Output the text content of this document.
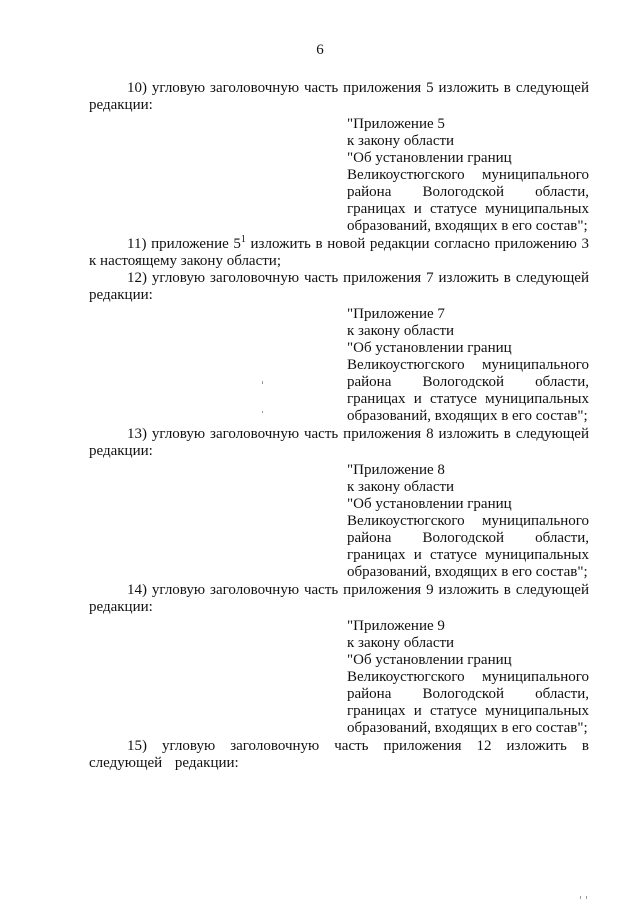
6

10) угловую заголовочную часть приложения 5 изложить в следующей редакции:

"Приложение 5
к закону области
"Об установлении границ
Великоустюгского муниципального
района Вологодской области,
границах и статусе муниципальных
образований, входящих в его состав";

11) приложение $5^1$ изложить в новой редакции согласно приложению 3 к настоящему закону области;

12) угловую заголовочную часть приложения 7 изложить в следующей редакции:

"Приложение 7
к закону области
"Об установлении границ
Великоустюгского муниципального
района Вологодской области,
границах и статусе муниципальных
образований, входящих в его состав";

13) угловую заголовочную часть приложения 8 изложить в следующей редакции:

"Приложение 8
к закону области
"Об установлении границ
Великоустюгского муниципального
района Вологодской области,
границах и статусе муниципальных
образований, входящих в его состав";

14) угловую заголовочную часть приложения 9 изложить в следующей редакции:

"Приложение 9
к закону области
"Об установлении границ
Великоустюгского муниципального
района Вологодской области,
границах и статусе муниципальных
образований, входящих в его состав";

15) угловую заголовочную часть приложения 12 изложить в следующей редакции:
